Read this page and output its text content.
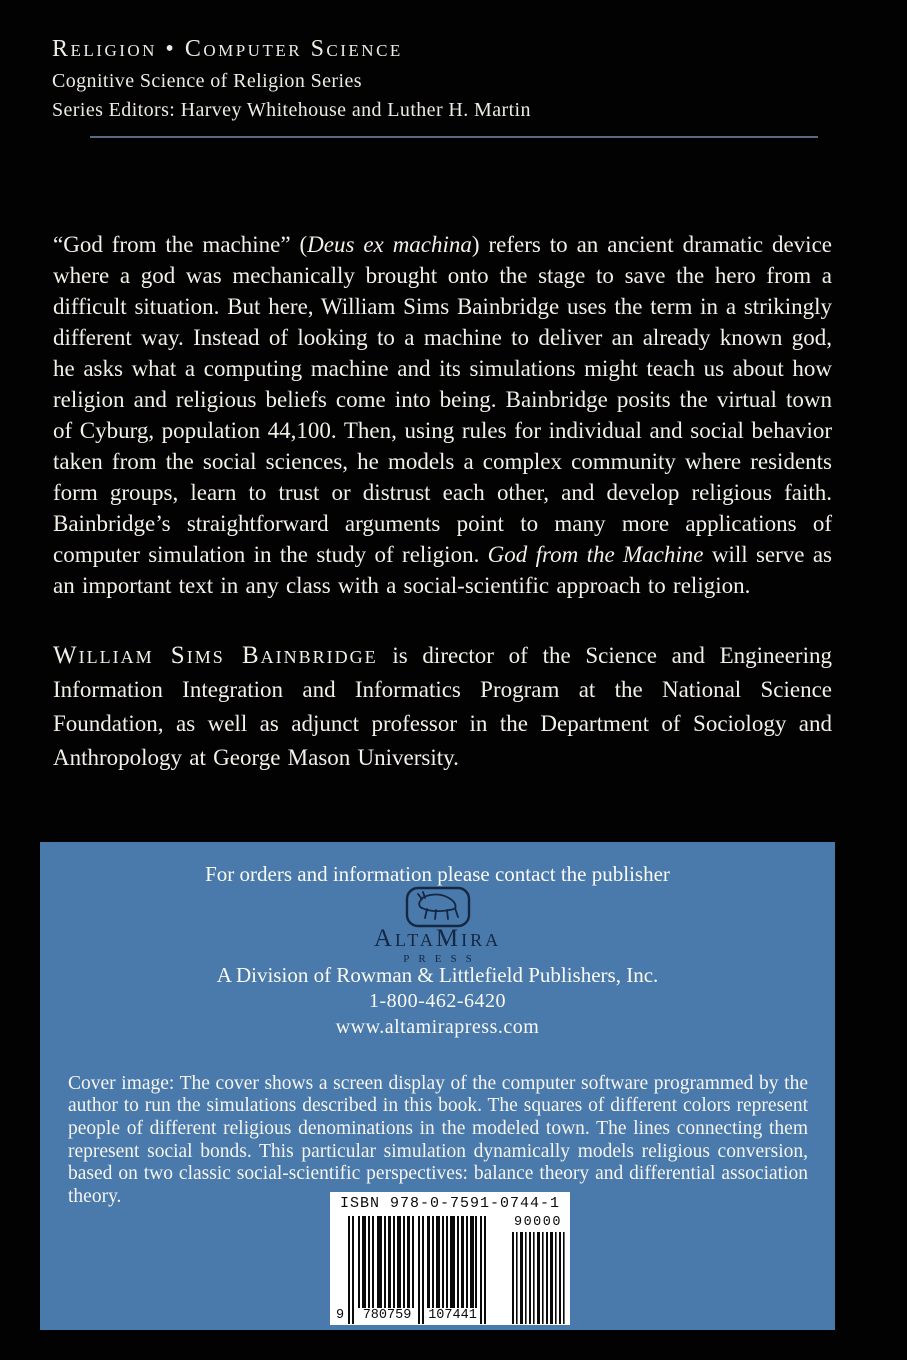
Religion • Computer Science
Cognitive Science of Religion Series
Series Editors: Harvey Whitehouse and Luther H. Martin

“God from the machine” (Deus ex machina) refers to an ancient dramatic device where a god was mechanically brought onto the stage to save the hero from a difficult situation. But here, William Sims Bainbridge uses the term in a strikingly different way. Instead of looking to a machine to deliver an already known god, he asks what a computing machine and its simulations might teach us about how religion and religious beliefs come into being. Bainbridge posits the virtual town of Cyburg, population 44,100. Then, using rules for individual and social behavior taken from the social sciences, he models a complex community where residents form groups, learn to trust or distrust each other, and develop religious faith. Bainbridge’s straightforward arguments point to many more applications of computer simulation in the study of religion. God from the Machine will serve as an important text in any class with a social-scientific approach to religion.

William Sims Bainbridge is director of the Science and Engineering Information Integration and Informatics Program at the National Science Foundation, as well as adjunct professor in the Department of Sociology and Anthropology at George Mason University.

For orders and information please contact the publisher
AltaMira
PRESS
A Division of Rowman & Littlefield Publishers, Inc.
1-800-462-6420
www.altamirapress.com

Cover image: The cover shows a screen display of the computer software programmed by the author to run the simulations described in this book. The squares of different colors represent people of different religious denominations in the modeled town. The lines connecting them represent social bonds. This particular simulation dynamically models religious conversion, based on two classic social-scientific perspectives: balance theory and differential association theory.	ISBN 978-0-7591-0744-1
9	780759	107441
90000
